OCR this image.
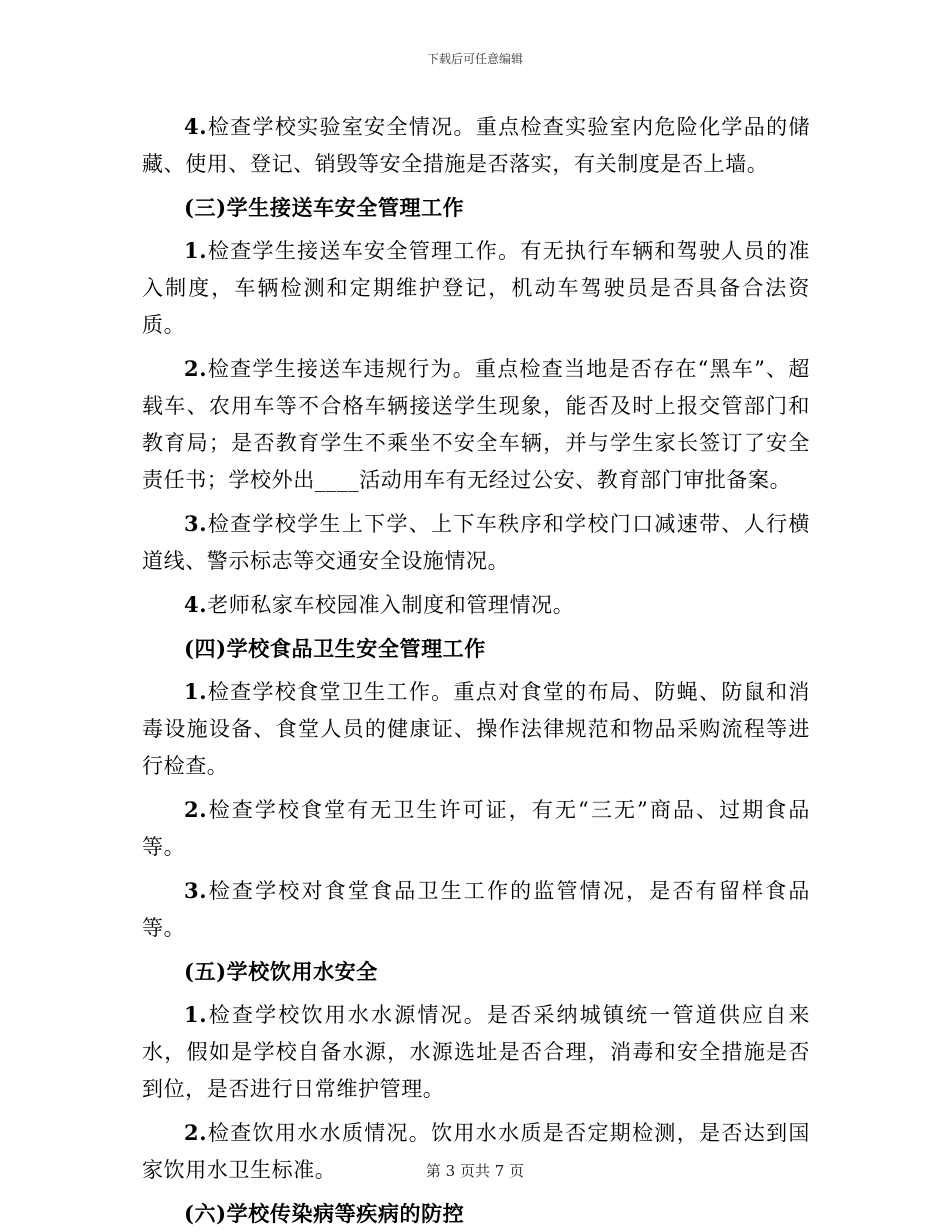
下载后可任意编辑

4.检查学校实验室安全情况。重点检查实验室内危险化学品的储藏、使用、登记、销毁等安全措施是否落实，有关制度是否上墙。

(三)学生接送车安全管理工作

1.检查学生接送车安全管理工作。有无执行车辆和驾驶人员的准入制度，车辆检测和定期维护登记，机动车驾驶员是否具备合法资质。

2.检查学生接送车违规行为。重点检查当地是否存在“黑车”、超载车、农用车等不合格车辆接送学生现象，能否及时上报交管部门和教育局；是否教育学生不乘坐不安全车辆，并与学生家长签订了安全责任书；学校外出____活动用车有无经过公安、教育部门审批备案。

3.检查学校学生上下学、上下车秩序和学校门口减速带、人行横道线、警示标志等交通安全设施情况。

4.老师私家车校园准入制度和管理情况。

(四)学校食品卫生安全管理工作

1.检查学校食堂卫生工作。重点对食堂的布局、防蝇、防鼠和消毒设施设备、食堂人员的健康证、操作法律规范和物品采购流程等进行检查。

2.检查学校食堂有无卫生许可证，有无“三无”商品、过期食品等。

3.检查学校对食堂食品卫生工作的监管情况，是否有留样食品等。

(五)学校饮用水安全

1.检查学校饮用水水源情况。是否采纳城镇统一管道供应自来水，假如是学校自备水源，水源选址是否合理，消毒和安全措施是否到位，是否进行日常维护管理。

2.检查饮用水水质情况。饮用水水质是否定期检测，是否达到国家饮用水卫生标准。

(六)学校传染病等疾病的防控

第 3 页共 7 页
